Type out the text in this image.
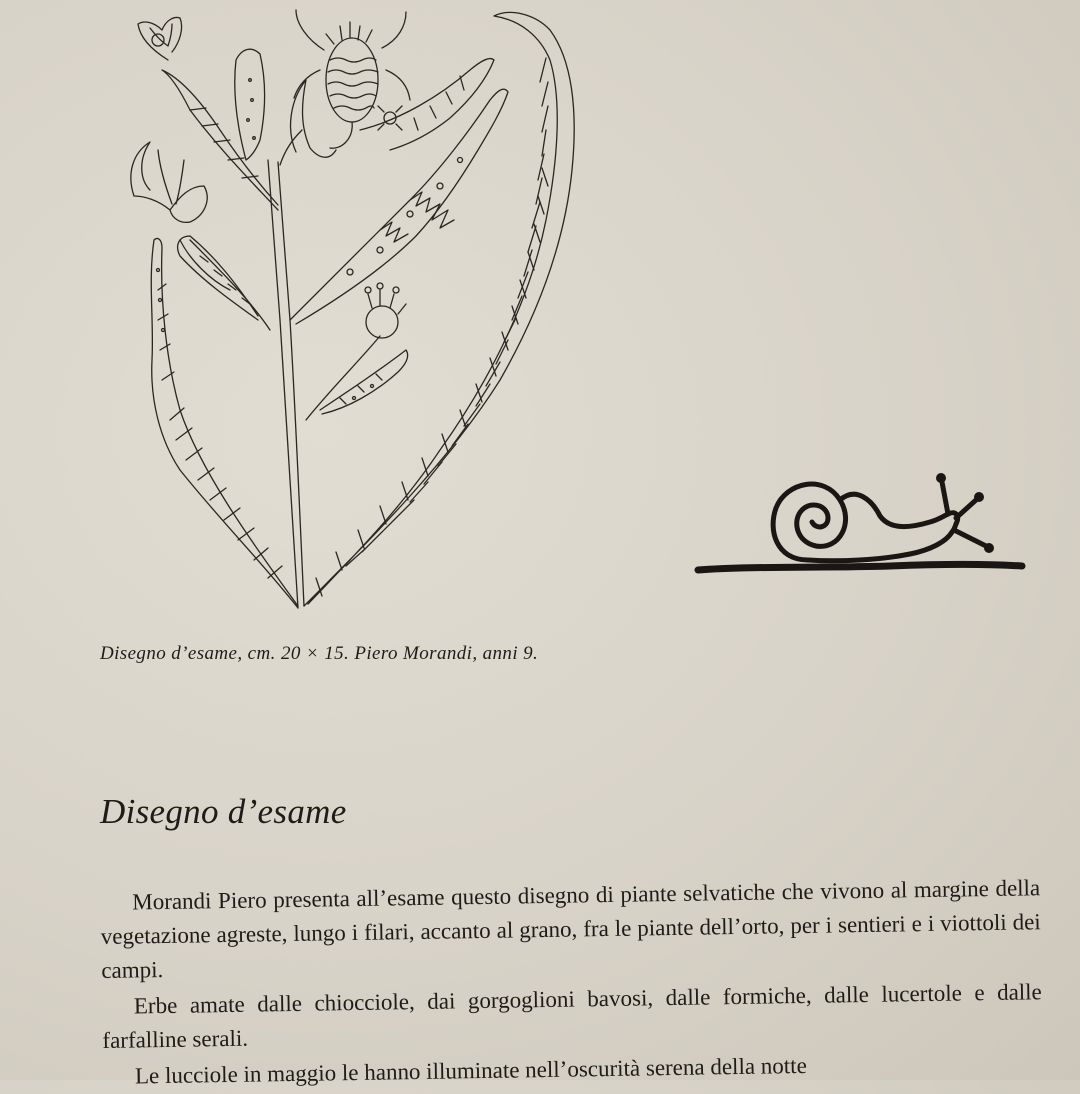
Disegno d’esame, cm. 20 × 15. Piero Morandi, anni 9.
Disegno d’esame

Morandi Piero presenta all’esame questo disegno di piante selvatiche che vivono al margine della vegetazione agreste, lungo i filari, accanto al grano, fra le piante dell’orto, per i sentieri e i viottoli dei campi.

Erbe amate dalle chiocciole, dai gorgoglioni bavosi, dalle formiche, dalle lucertole e dalle farfalline serali.

Le lucciole in maggio le hanno illuminate nell’oscurità serena della notte
